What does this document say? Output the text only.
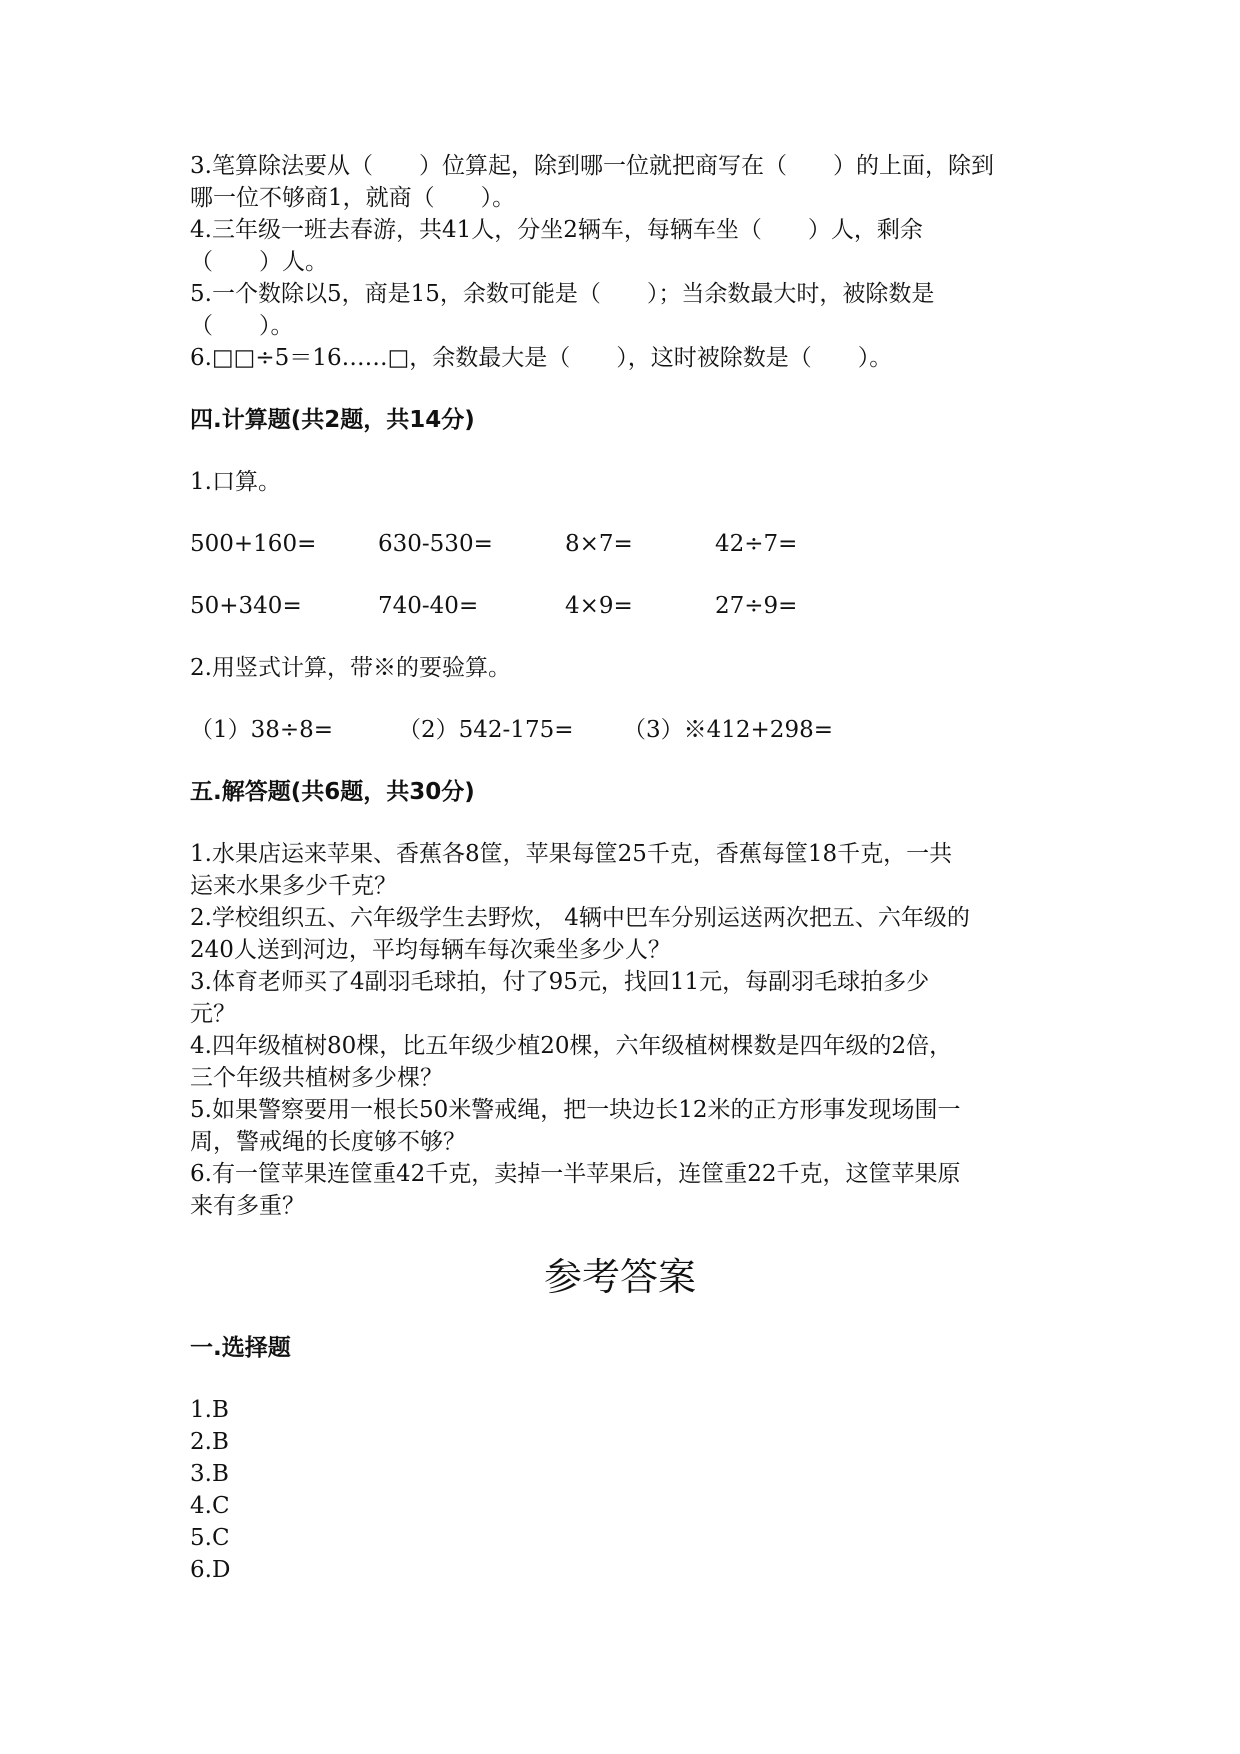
3.笔算除法要从（　　）位算起，除到哪一位就把商写在（　　）的上面，除到
哪一位不够商1，就商（　　）。
4.三年级一班去春游，共41人，分坐2辆车，每辆车坐（　　）人，剩余
（　　）人。
5.一个数除以5，商是15，余数可能是（　　）；当余数最大时，被除数是
（　　）。
6.□□÷5＝16……□，余数最大是（　　），这时被除数是（　　）。
四.计算题(共2题，共14分)
1.口算。
500+160=	630-530=	8×7=	42÷7=
50+340=	740-40=	4×9=	27÷9=
2.用竖式计算，带※的要验算。
（1）38÷8=	（2）542-175=	（3）※412+298=
五.解答题(共6题，共30分)
1.水果店运来苹果、香蕉各8筐，苹果每筐25千克，香蕉每筐18千克，一共
运来水果多少千克？
2.学校组织五、六年级学生去野炊， 4辆中巴车分别运送两次把五、六年级的
240人送到河边，平均每辆车每次乘坐多少人？
3.体育老师买了4副羽毛球拍，付了95元，找回11元，每副羽毛球拍多少
元？
4.四年级植树80棵，比五年级少植20棵，六年级植树棵数是四年级的2倍，
三个年级共植树多少棵？
5.如果警察要用一根长50米警戒绳，把一块边长12米的正方形事发现场围一
周，警戒绳的长度够不够？
6.有一筐苹果连筐重42千克，卖掉一半苹果后，连筐重22千克，这筐苹果原
来有多重？
参考答案
一.选择题
1.B
2.B
3.B
4.C
5.C
6.D
